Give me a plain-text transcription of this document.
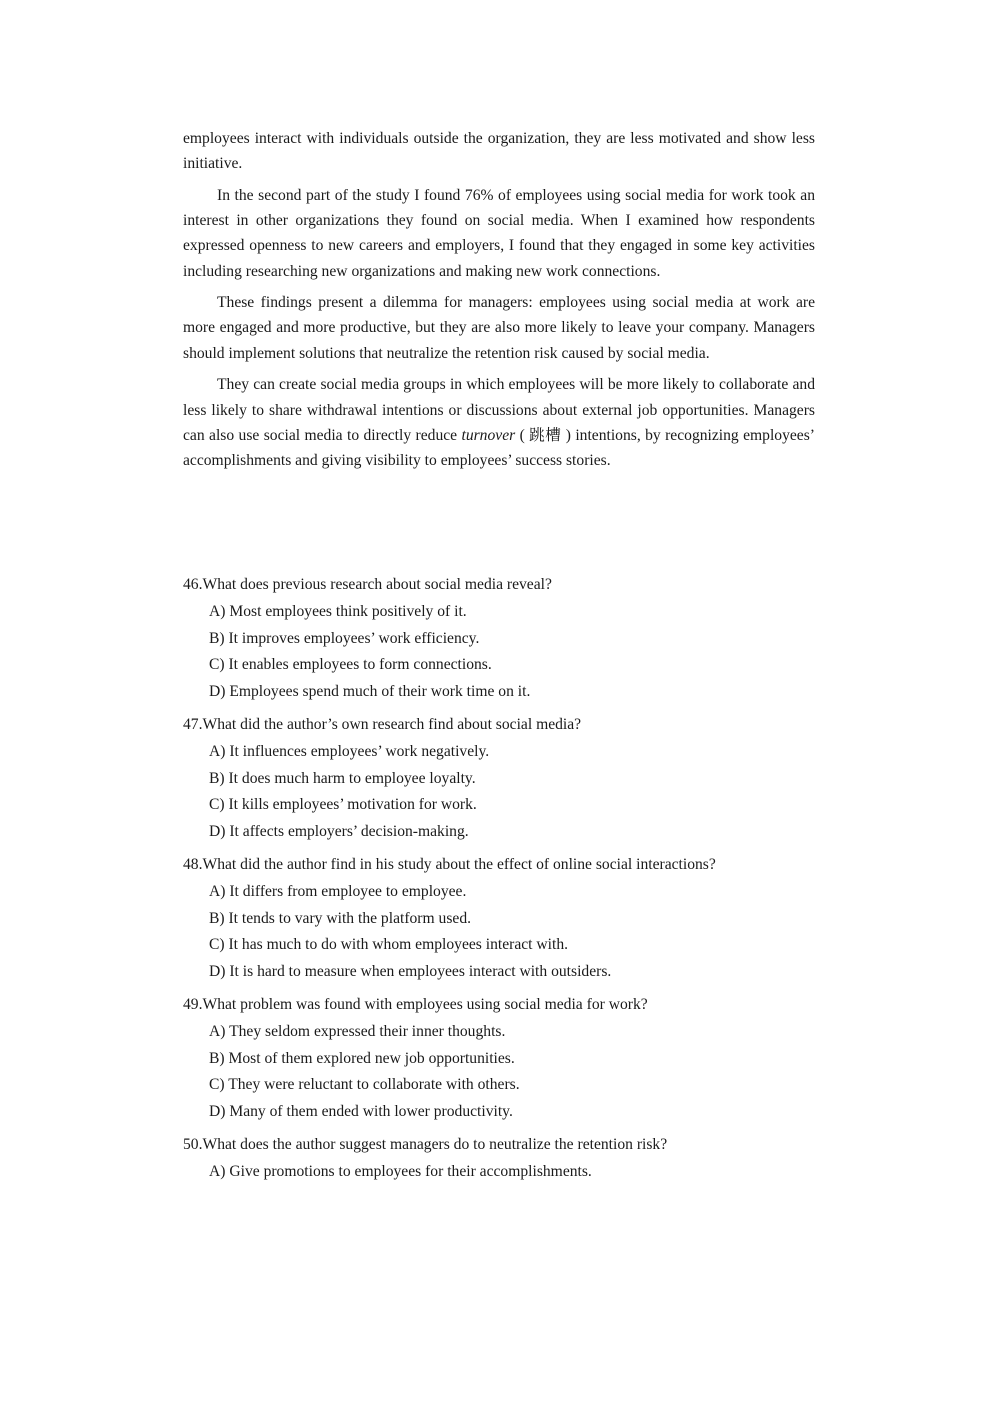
employees interact with individuals outside the organization, they are less motivated and show less initiative.

In the second part of the study I found 76% of employees using social media for work took an interest in other organizations they found on social media. When I examined how respondents expressed openness to new careers and employers, I found that they engaged in some key activities including researching new organizations and making new work connections.

These findings present a dilemma for managers: employees using social media at work are more engaged and more productive, but they are also more likely to leave your company. Managers should implement solutions that neutralize the retention risk caused by social media.

They can create social media groups in which employees will be more likely to collaborate and less likely to share withdrawal intentions or discussions about external job opportunities. Managers can also use social media to directly reduce turnover ( 跳槽 ) intentions, by recognizing employees’ accomplishments and giving visibility to employees’ success stories.

46.What does previous research about social media reveal?
A) Most employees think positively of it.
B) It improves employees’ work efficiency.
C) It enables employees to form connections.
D) Employees spend much of their work time on it.
47.What did the author’s own research find about social media?
A) It influences employees’ work negatively.
B) It does much harm to employee loyalty.
C) It kills employees’ motivation for work.
D) It affects employers’ decision-making.
48.What did the author find in his study about the effect of online social interactions?
A) It differs from employee to employee.
B) It tends to vary with the platform used.
C) It has much to do with whom employees interact with.
D) It is hard to measure when employees interact with outsiders.
49.What problem was found with employees using social media for work?
A) They seldom expressed their inner thoughts.
B) Most of them explored new job opportunities.
C) They were reluctant to collaborate with others.
D) Many of them ended with lower productivity.
50.What does the author suggest managers do to neutralize the retention risk?
A) Give promotions to employees for their accomplishments.
